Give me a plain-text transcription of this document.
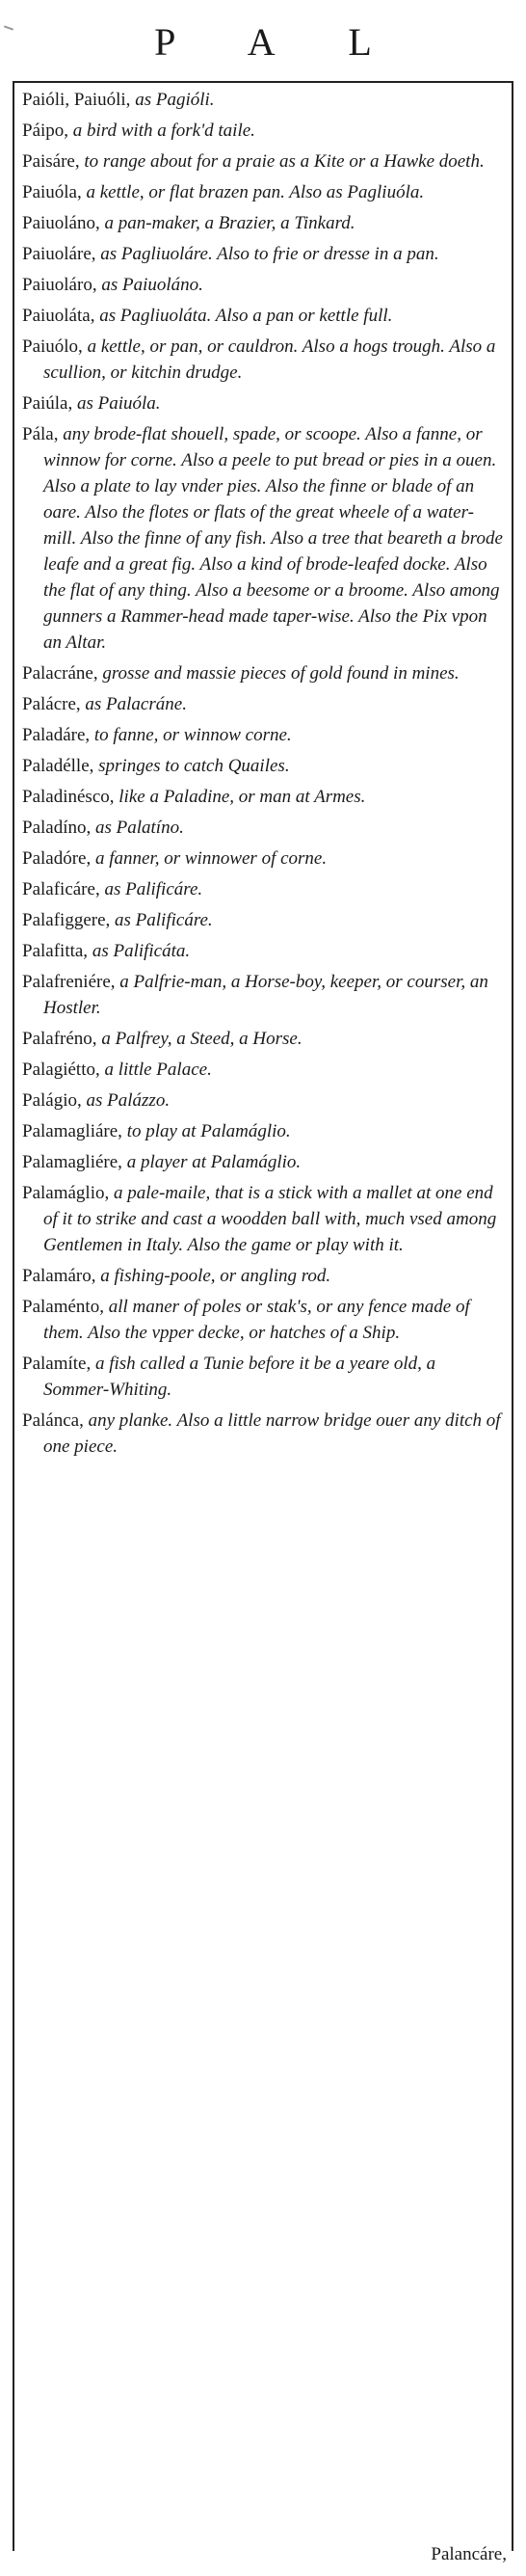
P A L

Paióli, Paiuóli, as Pagióli.

Páipo, a bird with a fork'd taile.

Paisáre, to range about for a praie as a Kite or a Hawke doeth.

Paiuóla, a kettle, or flat brazen pan. Also as Pagliuóla.

Paiuoláno, a pan-maker, a Brazier, a Tinkard.

Paiuoláre, as Pagliuoláre. Also to frie or dresse in a pan.

Paiuoláro, as Paiuoláno.

Paiuoláta, as Pagliuoláta. Also a pan or kettle full.

Paiuólo, a kettle, or pan, or cauldron. Also a hogs trough. Also a scullion, or kitchin drudge.

Paiúla, as Paiuóla.

Pála, any brode-flat shouell, spade, or scoope. Also a fanne, or winnow for corne. Also a peele to put bread or pies in a ouen. Also a plate to lay vnder pies. Also the finne or blade of an oare. Also the flotes or flats of the great wheele of a water-mill. Also the finne of any fish. Also a tree that beareth a brode leafe and a great fig. Also a kind of brode-leafed docke. Also the flat of any thing. Also a beesome or a broome. Also among gunners a Rammer-head made taper-wise. Also the Pix vpon an Altar.

Palacráne, grosse and massie pieces of gold found in mines.

Palácre, as Palacráne.

Paladáre, to fanne, or winnow corne.

Paladélle, springes to catch Quailes.

Paladinésco, like a Paladine, or man at Armes.

Paladíno, as Palatíno.

Paladóre, a fanner, or winnower of corne.

Palaficáre, as Palificáre.

Palafiggere, as Palificáre.

Palafitta, as Palificáta.

Palafreniére, a Palfrie-man, a Horse-boy, keeper, or courser, an Hostler.

Palafréno, a Palfrey, a Steed, a Horse.

Palagiétto, a little Palace.

Palágio, as Palázzo.

Palamagliáre, to play at Palamáglio.

Palamagliére, a player at Palamáglio.

Palamáglio, a pale-maile, that is a stick with a mallet at one end of it to strike and cast a woodden ball with, much vsed among Gentlemen in Italy. Also the game or play with it.

Palamáro, a fishing-poole, or angling rod.

Palaménto, all maner of poles or stak's, or any fence made of them. Also the vpper decke, or hatches of a Ship.

Palamíte, a fish called a Tunie before it be a yeare old, a Sommer-Whiting.

Palánca, any planke. Also a little narrow bridge ouer any ditch of one piece.

Palancáre,
